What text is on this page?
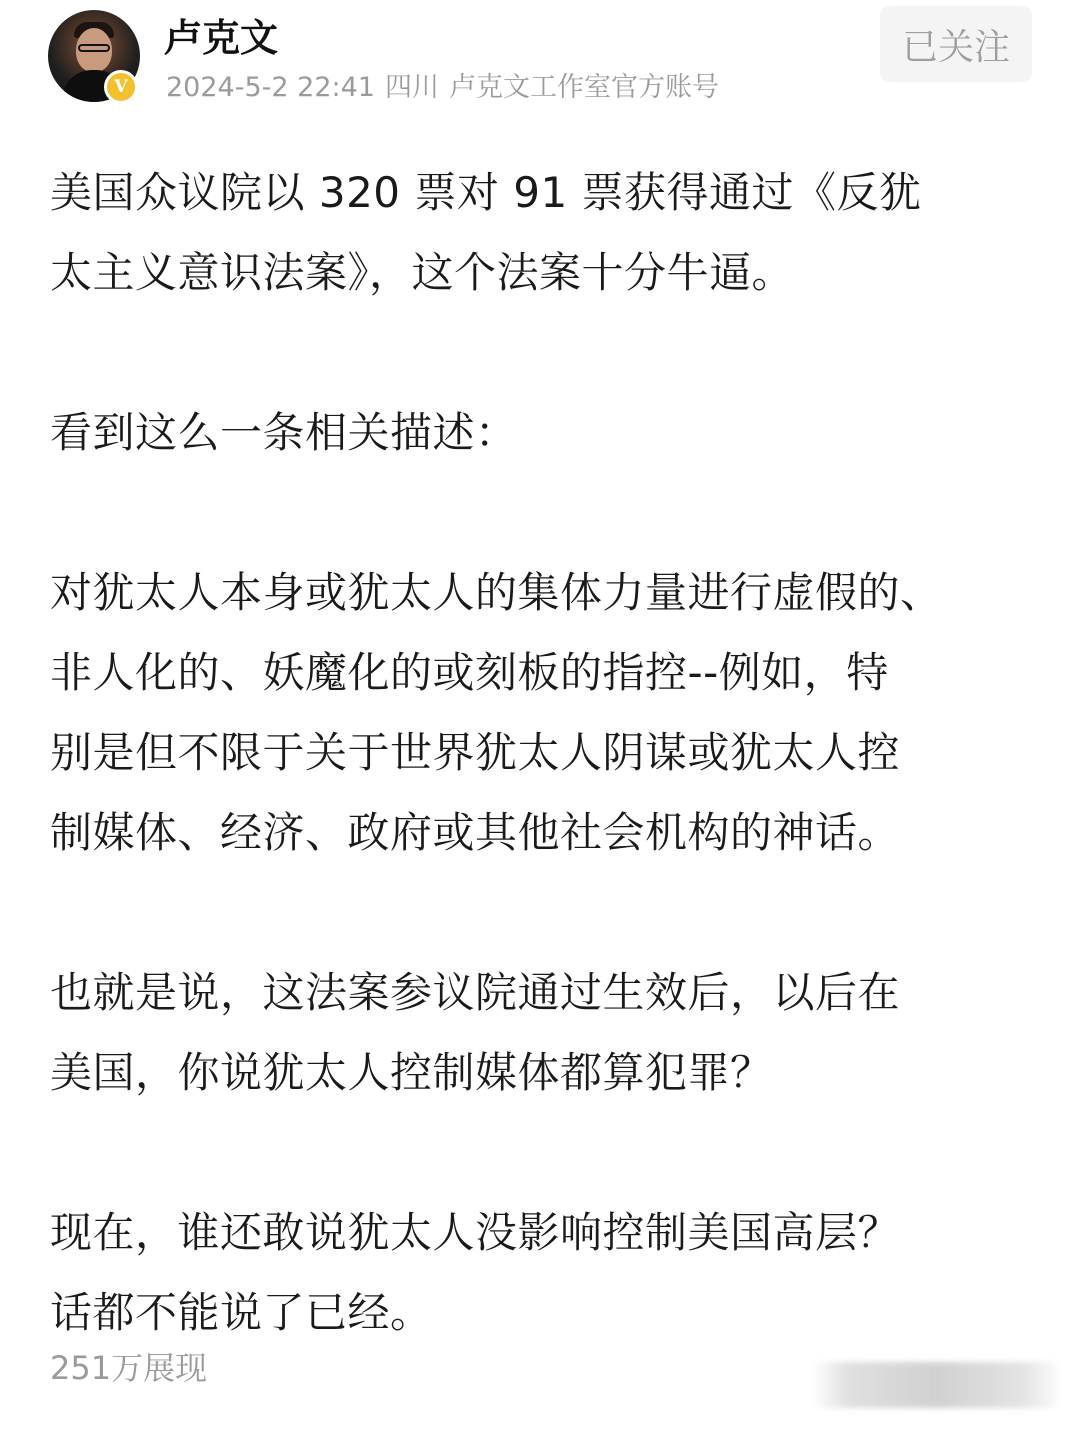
V
卢克文
2024-5-2 22:41 四川 卢克文工作室官方账号
已关注

美国众议院以 320 票对 91 票获得通过《反犹
太主义意识法案》，这个法案十分牛逼。

看到这么一条相关描述：

对犹太人本身或犹太人的集体力量进行虚假的、
非人化的、妖魔化的或刻板的指控--例如，特
别是但不限于关于世界犹太人阴谋或犹太人控
制媒体、经济、政府或其他社会机构的神话。

也就是说，这法案参议院通过生效后，以后在
美国，你说犹太人控制媒体都算犯罪？

现在，谁还敢说犹太人没影响控制美国高层？
话都不能说了已经。

251万展现
